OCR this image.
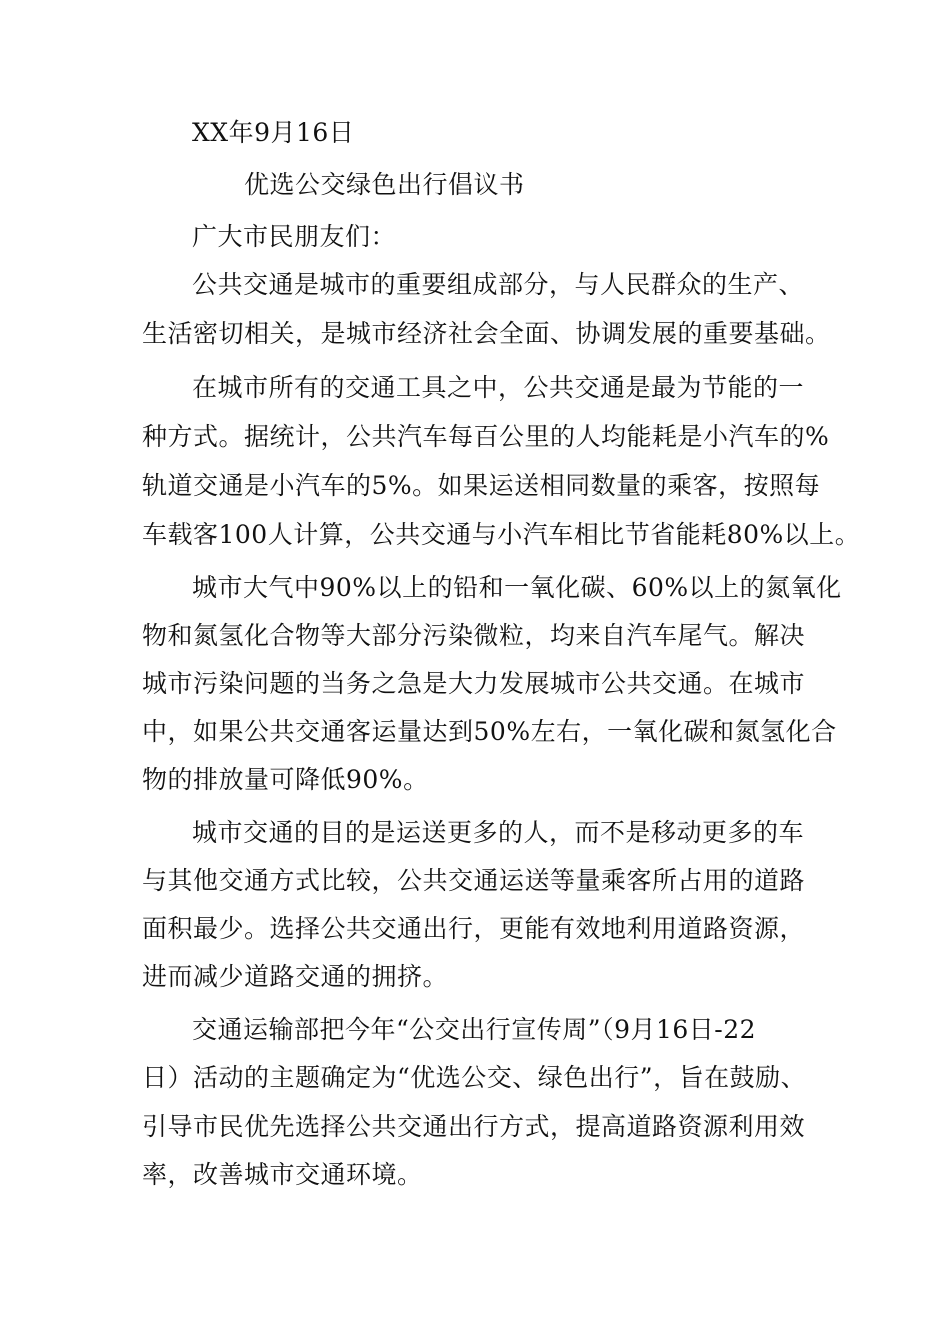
XX年9月16日
优选公交绿色出行倡议书
广大市民朋友们：
公共交通是城市的重要组成部分，与人民群众的生产、
生活密切相关，是城市经济社会全面、协调发展的重要基础。
在城市所有的交通工具之中，公共交通是最为节能的一
种方式。据统计，公共汽车每百公里的人均能耗是小汽车的%
轨道交通是小汽车的5%。如果运送相同数量的乘客，按照每
车载客100人计算，公共交通与小汽车相比节省能耗80%以上。
城市大气中90%以上的铅和一氧化碳、60%以上的氮氧化
物和氮氢化合物等大部分污染微粒，均来自汽车尾气。解决
城市污染问题的当务之急是大力发展城市公共交通。在城市
中，如果公共交通客运量达到50%左右，一氧化碳和氮氢化合
物的排放量可降低90%。
城市交通的目的是运送更多的人，而不是移动更多的车
与其他交通方式比较，公共交通运送等量乘客所占用的道路
面积最少。选择公共交通出行，更能有效地利用道路资源，
进而减少道路交通的拥挤。
交通运输部把今年“公交出行宣传周”（9月16日-22
日）活动的主题确定为“优选公交、绿色出行”，旨在鼓励、
引导市民优先选择公共交通出行方式，提高道路资源利用效
率，改善城市交通环境。
